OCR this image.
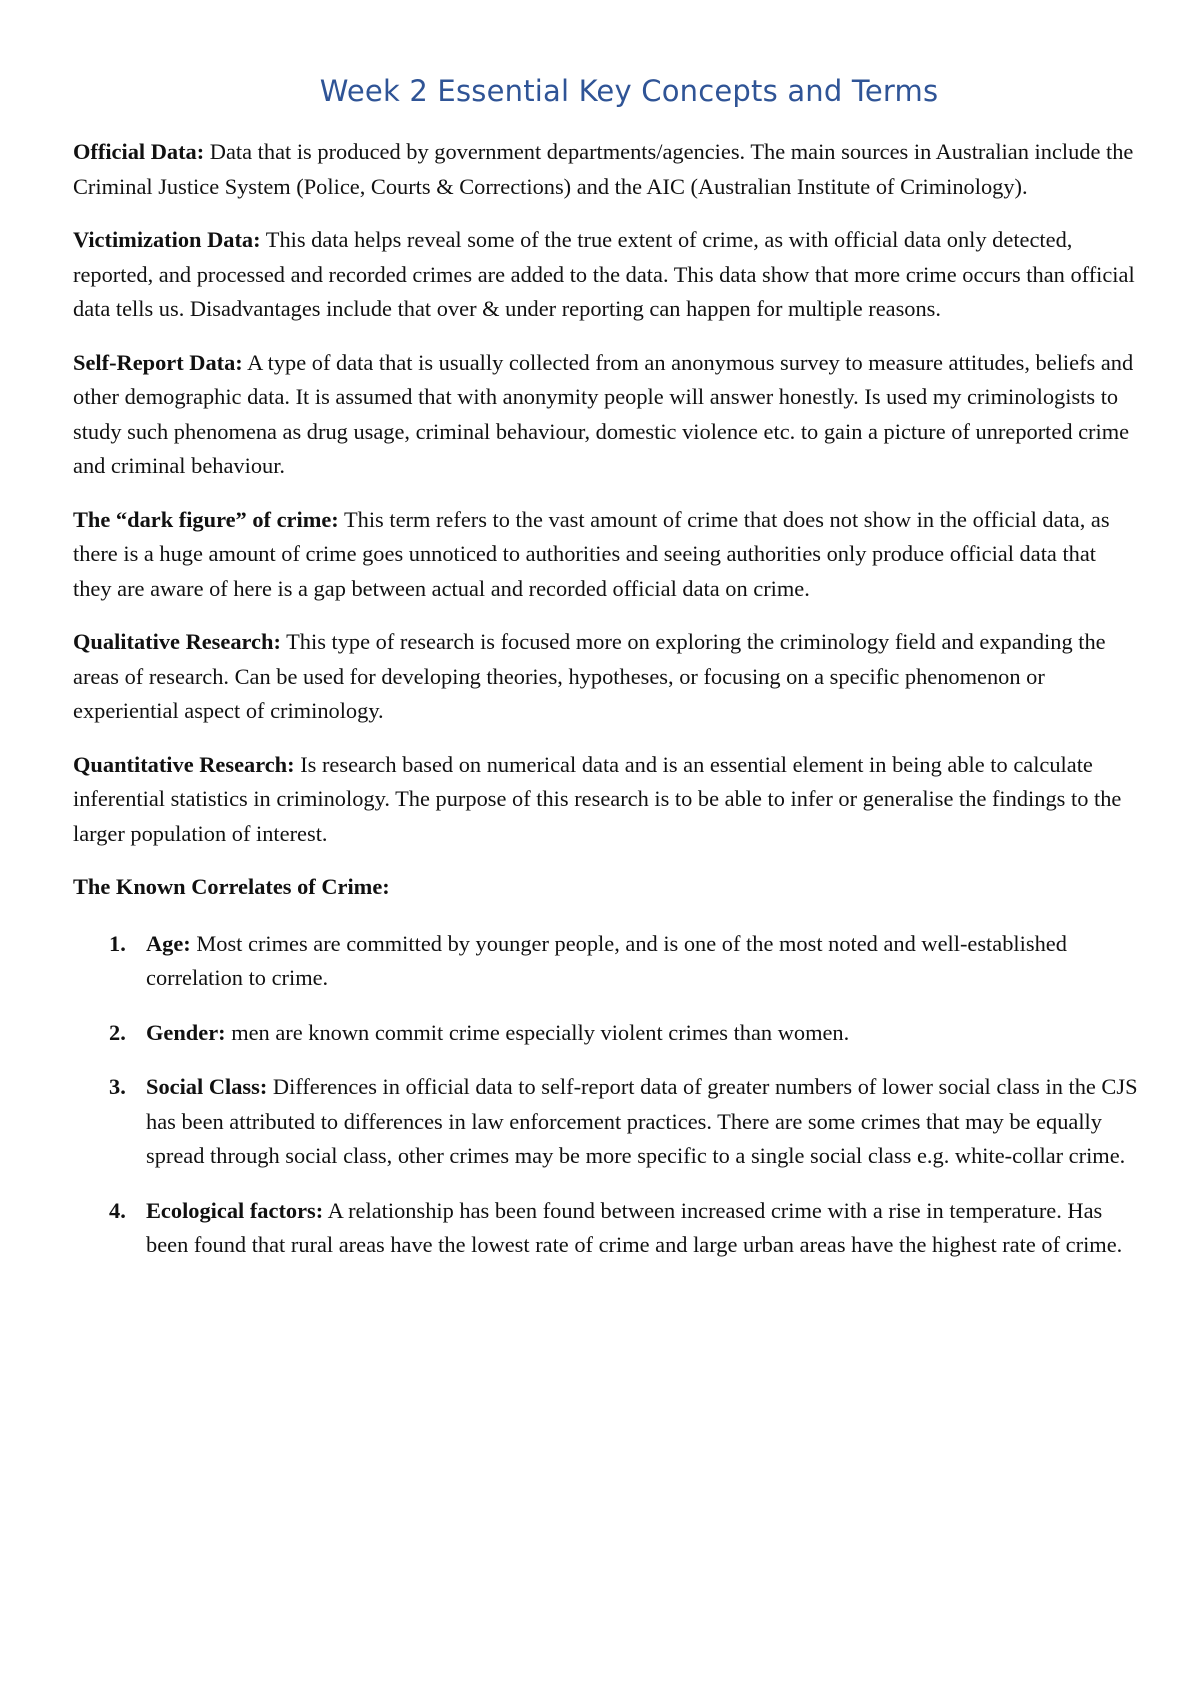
Week 2 Essential Key Concepts and Terms

Official Data: Data that is produced by government departments/agencies. The main sources in Australian include the Criminal Justice System (Police, Courts & Corrections) and the AIC (Australian Institute of Criminology).

Victimization Data: This data helps reveal some of the true extent of crime, as with official data only detected, reported, and processed and recorded crimes are added to the data. This data show that more crime occurs than official data tells us. Disadvantages include that over & under reporting can happen for multiple reasons.

Self-Report Data: A type of data that is usually collected from an anonymous survey to measure attitudes, beliefs and other demographic data. It is assumed that with anonymity people will answer honestly. Is used my criminologists to study such phenomena as drug usage, criminal behaviour, domestic violence etc. to gain a picture of unreported crime and criminal behaviour.

The “dark figure” of crime: This term refers to the vast amount of crime that does not show in the official data, as there is a huge amount of crime goes unnoticed to authorities and seeing authorities only produce official data that they are aware of here is a gap between actual and recorded official data on crime.

Qualitative Research: This type of research is focused more on exploring the criminology field and expanding the areas of research. Can be used for developing theories, hypotheses, or focusing on a specific phenomenon or experiential aspect of criminology.

Quantitative Research: Is research based on numerical data and is an essential element in being able to calculate inferential statistics in criminology. The purpose of this research is to be able to infer or generalise the findings to the larger population of interest.

The Known Correlates of Crime:

1. Age: Most crimes are committed by younger people, and is one of the most noted and well-established correlation to crime.
2. Gender: men are known commit crime especially violent crimes than women.
3. Social Class: Differences in official data to self-report data of greater numbers of lower social class in the CJS has been attributed to differences in law enforcement practices. There are some crimes that may be equally spread through social class, other crimes may be more specific to a single social class e.g. white-collar crime.
4. Ecological factors: A relationship has been found between increased crime with a rise in temperature. Has been found that rural areas have the lowest rate of crime and large urban areas have the highest rate of crime.
